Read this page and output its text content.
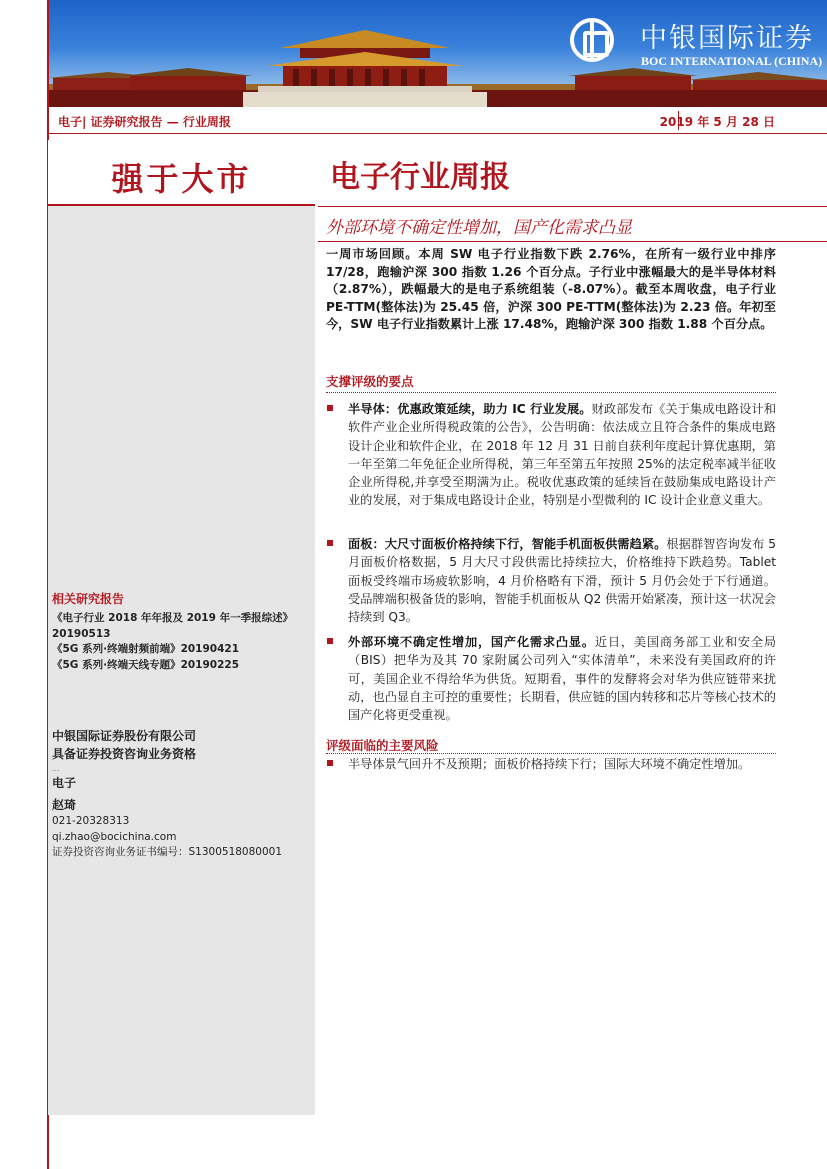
中银国际证券
BOC INTERNATIONAL (CHINA)
电子| 证券研究报告 — 行业周报	2019 年 5 月 28 日
强于大市	电子行业周报
外部环境不确定性增加，国产化需求凸显
一周市场回顾。本周 SW 电子行业指数下跌 2.76%，在所有一级行业中排序 17/28，跑输沪深 300 指数 1.26 个百分点。子行业中涨幅最大的是半导体材料（2.87%），跌幅最大的是电子系统组装（-8.07%）。截至本周收盘，电子行业 PE-TTM(整体法)为 25.45 倍，沪深 300 PE-TTM(整体法)为 2.23 倍。年初至今，SW 电子行业指数累计上涨 17.48%，跑输沪深 300 指数 1.88 个百分点。
支撑评级的要点
半导体：优惠政策延续，助力 IC 行业发展。财政部发布《关于集成电路设计和软件产业企业所得税政策的公告》，公告明确：依法成立且符合条件的集成电路设计企业和软件企业，在 2018 年 12 月 31 日前自获利年度起计算优惠期，第一年至第二年免征企业所得税，第三年至第五年按照 25%的法定税率减半征收企业所得税,并享受至期满为止。税收优惠政策的延续旨在鼓励集成电路设计产业的发展，对于集成电路设计企业，特别是小型微利的 IC 设计企业意义重大。
面板：大尺寸面板价格持续下行，智能手机面板供需趋紧。根据群智咨询发布 5 月面板价格数据，5 月大尺寸段供需比持续拉大，价格维持下跌趋势。Tablet 面板受终端市场疲软影响，4 月价格略有下滑，预计 5 月仍会处于下行通道。受品牌端积极备货的影响，智能手机面板从 Q2 供需开始紧凑，预计这一状况会持续到 Q3。
外部环境不确定性增加，国产化需求凸显。近日，美国商务部工业和安全局（BIS）把华为及其 70 家附属公司列入“实体清单”，未来没有美国政府的许可，美国企业不得给华为供货。短期看，事件的发酵将会对华为供应链带来扰动，也凸显自主可控的重要性；长期看，供应链的国内转移和芯片等核心技术的国产化将更受重视。
评级面临的主要风险
半导体景气回升不及预期；面板价格持续下行；国际大环境不确定性增加。
相关研究报告
《电子行业 2018 年年报及 2019 年一季报综述》20190513
《5G 系列·终端射频前端》20190421
《5G 系列·终端天线专题》20190225
中银国际证券股份有限公司
具备证券投资咨询业务资格
...
电子
赵琦
021-20328313
qi.zhao@bocichina.com
证券投资咨询业务证书编号：S1300518080001
